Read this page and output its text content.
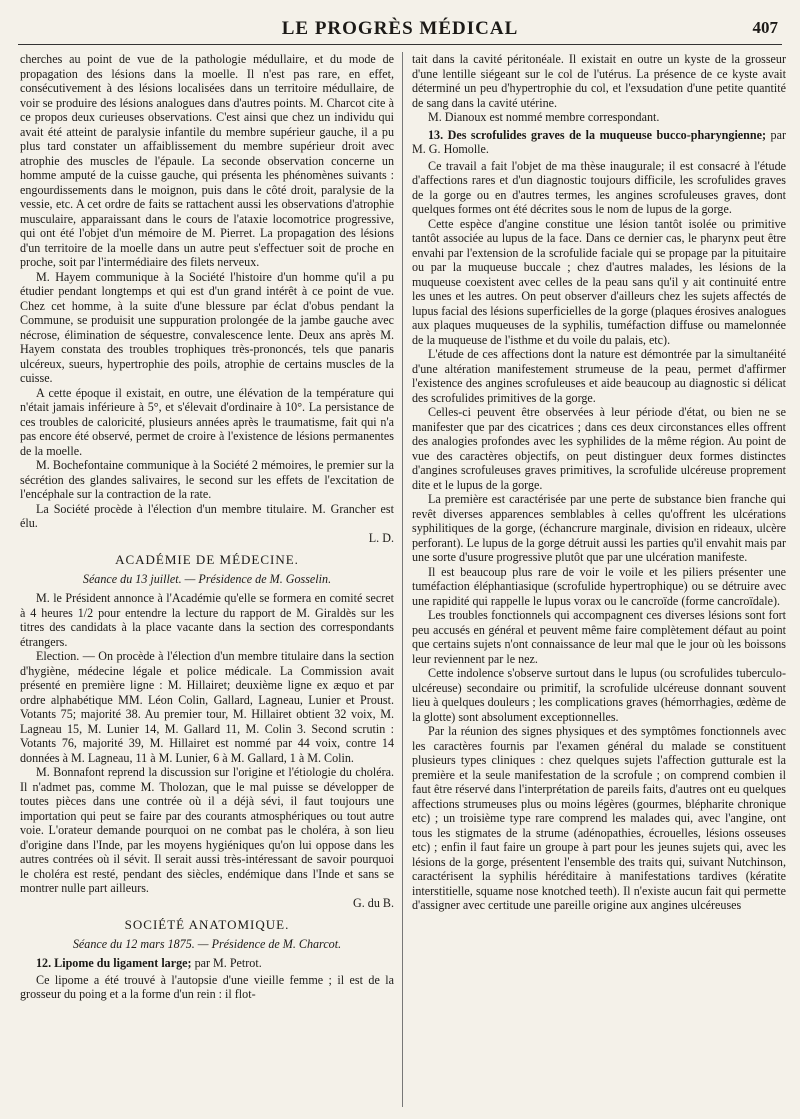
LE PROGRÈS MÉDICAL	407

cherches au point de vue de la pathologie médullaire, et du mode de propagation des lésions dans la moelle. Il n'est pas rare, en effet, consécutivement à des lésions localisées dans un territoire médullaire, de voir se produire des lésions analogues dans d'autres points. M. Charcot cite à ce propos deux curieuses observations. C'est ainsi que chez un individu qui avait été atteint de paralysie infantile du membre supérieur gauche, il a pu plus tard constater un affaiblissement du membre supérieur droit avec atrophie des muscles de l'épaule. La seconde observation concerne un homme amputé de la cuisse gauche, qui présenta les phénomènes suivants : engourdissements dans le moignon, puis dans le côté droit, paralysie de la vessie, etc. A cet ordre de faits se rattachent aussi les observations d'atrophie musculaire, apparaissant dans le cours de l'ataxie locomotrice progressive, qui ont été l'objet d'un mémoire de M. Pierret. La propagation des lésions d'un territoire de la moelle dans un autre peut s'effectuer soit de proche en proche, soit par l'intermédiaire des filets nerveux.

M. Hayem communique à la Société l'histoire d'un homme qu'il a pu étudier pendant longtemps et qui est d'un grand intérêt à ce point de vue. Chez cet homme, à la suite d'une blessure par éclat d'obus pendant la Commune, se produisit une suppuration prolongée de la jambe gauche avec nécrose, élimination de séquestre, convalescence lente. Deux ans après M. Hayem constata des troubles trophiques très-prononcés, tels que panaris ulcéreux, sueurs, hypertrophie des poils, atrophie de certains muscles de la cuisse.

A cette époque il existait, en outre, une élévation de la température qui n'était jamais inférieure à 5°, et s'élevait d'ordinaire à 10°. La persistance de ces troubles de caloricité, plusieurs années après le traumatisme, fait qui n'a pas encore été observé, permet de croire à l'existence de lésions permanentes de la moelle.

M. Bochefontaine communique à la Société 2 mémoires, le premier sur la sécrétion des glandes salivaires, le second sur les effets de l'excitation de l'encéphale sur la contraction de la rate.

La Société procède à l'élection d'un membre titulaire. M. Grancher est élu.

L. D.

ACADÉMIE DE MÉDECINE.

Séance du 13 juillet. — Présidence de M. Gosselin.

M. le Président annonce à l'Académie qu'elle se formera en comité secret à 4 heures 1/2 pour entendre la lecture du rapport de M. Giraldès sur les titres des candidats à la place vacante dans la section des correspondants étrangers.

Election. — On procède à l'élection d'un membre titulaire dans la section d'hygiène, médecine légale et police médicale. La Commission avait présenté en première ligne : M. Hillairet; deuxième ligne ex æquo et par ordre alphabétique MM. Léon Colin, Gallard, Lagneau, Lunier et Proust. Votants 75; majorité 38. Au premier tour, M. Hillairet obtient 32 voix, M. Lagneau 15, M. Lunier 14, M. Gallard 11, M. Colin 3. Second scrutin : Votants 76, majorité 39, M. Hillairet est nommé par 44 voix, contre 14 données à M. Lagneau, 11 à M. Lunier, 6 à M. Gallard, 1 à M. Colin.

M. Bonnafont reprend la discussion sur l'origine et l'étiologie du choléra. Il n'admet pas, comme M. Tholozan, que le mal puisse se développer de toutes pièces dans une contrée où il a déjà sévi, il faut toujours une importation qui peut se faire par des courants atmosphériques ou tout autre voie. L'orateur demande pourquoi on ne combat pas le choléra, à son lieu d'origine dans l'Inde, par les moyens hygiéniques qu'on lui oppose dans les autres contrées où il sévit. Il serait aussi très-intéressant de savoir pourquoi le choléra est resté, pendant des siècles, endémique dans l'Inde et sans se montrer nulle part ailleurs.

G. du B.

SOCIÉTÉ ANATOMIQUE.

Séance du 12 mars 1875. — Présidence de M. Charcot.

12. Lipome du ligament large; par M. Petrot.

Ce lipome a été trouvé à l'autopsie d'une vieille femme ; il est de la grosseur du poing et a la forme d'un rein : il flot-

tait dans la cavité péritonéale. Il existait en outre un kyste de la grosseur d'une lentille siégeant sur le col de l'utérus. La présence de ce kyste avait déterminé un peu d'hypertrophie du col, et l'exsudation d'une petite quantité de sang dans la cavité utérine.

M. Dianoux est nommé membre correspondant.

13. Des scrofulides graves de la muqueuse bucco-pharyngienne; par M. G. Homolle.

Ce travail a fait l'objet de ma thèse inaugurale; il est consacré à l'étude d'affections rares et d'un diagnostic toujours difficile, les scrofulides graves de la gorge ou en d'autres termes, les angines scrofuleuses graves, dont quelques formes ont été décrites sous le nom de lupus de la gorge.

Cette espèce d'angine constitue une lésion tantôt isolée ou primitive tantôt associée au lupus de la face. Dans ce dernier cas, le pharynx peut être envahi par l'extension de la scrofulide faciale qui se propage par la pituitaire ou par la muqueuse buccale ; chez d'autres malades, les lésions de la muqueuse coexistent avec celles de la peau sans qu'il y ait continuité entre les unes et les autres. On peut observer d'ailleurs chez les sujets affectés de lupus facial des lésions superficielles de la gorge (plaques érosives analogues aux plaques muqueuses de la syphilis, tuméfaction diffuse ou mamelonnée de la muqueuse de l'isthme et du voile du palais, etc).

L'étude de ces affections dont la nature est démontrée par la simultanéité d'une altération manifestement strumeuse de la peau, permet d'affirmer l'existence des angines scrofuleuses et aide beaucoup au diagnostic si délicat des scrofulides primitives de la gorge.

Celles-ci peuvent être observées à leur période d'état, ou bien ne se manifester que par des cicatrices ; dans ces deux circonstances elles offrent des analogies profondes avec les syphilides de la même région. Au point de vue des caractères objectifs, on peut distinguer deux formes distinctes d'angines scrofuleuses graves primitives, la scrofulide ulcéreuse proprement dite et le lupus de la gorge.

La première est caractérisée par une perte de substance bien franche qui revêt diverses apparences semblables à celles qu'offrent les ulcérations syphilitiques de la gorge, (échancrure marginale, division en rideaux, ulcère perforant). Le lupus de la gorge détruit aussi les parties qu'il envahit mais par une sorte d'usure progressive plutôt que par une ulcération manifeste.

Il est beaucoup plus rare de voir le voile et les piliers présenter une tuméfaction éléphantiasique (scrofulide hypertrophique) ou se détruire avec une rapidité qui rappelle le lupus vorax ou le cancroïde (forme cancroïdale).

Les troubles fonctionnels qui accompagnent ces diverses lésions sont fort peu accusés en général et peuvent même faire complètement défaut au point que certains sujets n'ont connaissance de leur mal que le jour où les boissons leur reviennent par le nez.

Cette indolence s'observe surtout dans le lupus (ou scrofulides tuberculo-ulcéreuse) secondaire ou primitif, la scrofulide ulcéreuse donnant souvent lieu à quelques douleurs ; les complications graves (hémorrhagies, œdème de la glotte) sont absolument exceptionnelles.

Par la réunion des signes physiques et des symptômes fonctionnels avec les caractères fournis par l'examen général du malade se constituent plusieurs types cliniques : chez quelques sujets l'affection gutturale est la première et la seule manifestation de la scrofule ; on comprend combien il faut être réservé dans l'interprétation de pareils faits, d'autres ont eu quelques affections strumeuses plus ou moins légères (gourmes, blépharite chronique etc) ; un troisième type rare comprend les malades qui, avec l'angine, ont tous les stigmates de la strume (adénopathies, écrouelles, lésions osseuses etc) ; enfin il faut faire un groupe à part pour les jeunes sujets qui, avec les lésions de la gorge, présentent l'ensemble des traits qui, suivant Nutchinson, caractérisent la syphilis héréditaire à manifestations tardives (kératite interstitielle, squame nose knotched teeth). Il n'existe aucun fait qui permette d'assigner avec certitude une pareille origine aux angines ulcéreuses
